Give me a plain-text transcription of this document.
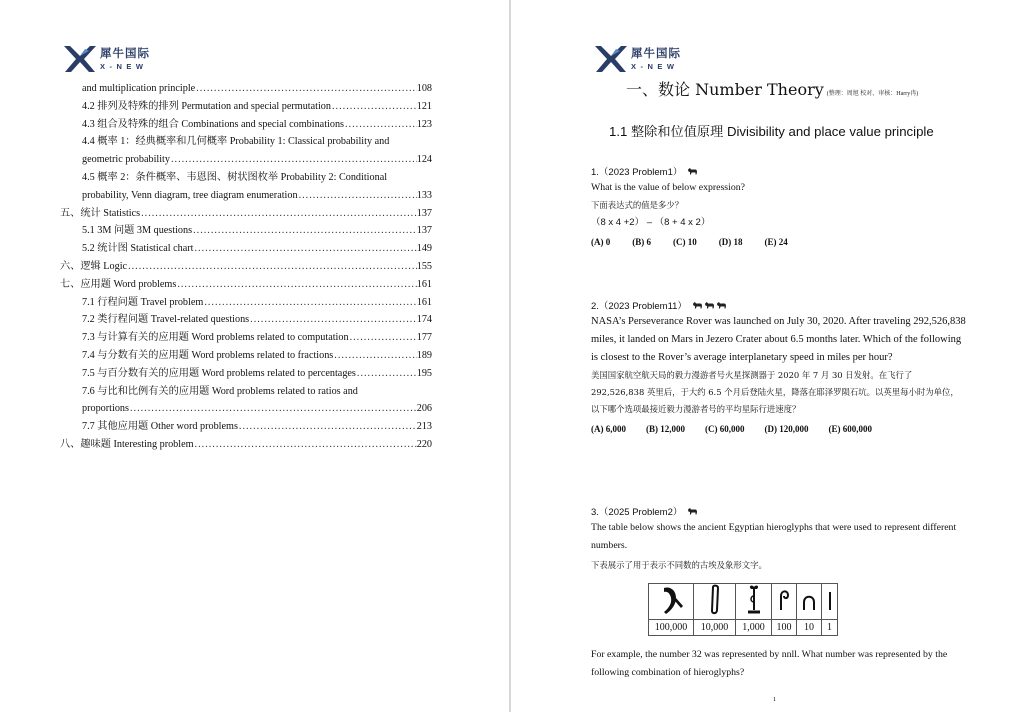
犀牛国际
X-NEW
and multiplication principle .....	108
4.2 排列及特殊的排列 Permutation and special permutation .....	121
4.3 组合及特殊的组合 Combinations and special combinations .....	123
4.4 概率 1：经典概率和几何概率 Probability 1: Classical probability and
geometric probability .....	124
4.5 概率 2：条件概率、韦恩图、树状图枚举 Probability 2: Conditional
probability, Venn diagram, tree diagram enumeration .....	133
五、 统计 Statistics .....	137
5.1 3M 问题 3M questions .....	137
5.2 统计图 Statistical chart .....	149
六、 逻辑 Logic .....	155
七、 应用题 Word problems .....	161
7.1 行程问题 Travel problem .....	161
7.2 类行程问题 Travel-related questions .....	174
7.3 与计算有关的应用题 Word problems related to computation .....	177
7.4 与分数有关的应用题 Word problems related to fractions .....	189
7.5 与百分数有关的应用题 Word problems related to percentages .....	195
7.6 与比和比例有关的应用题 Word problems related to ratios and
proportions .....	206
7.7 其他应用题 Other word problems .....	213
八、 趣味题 Interesting problem .....	220
犀牛国际
X-NEW
一、数论 Number Theory (整理：周旭 校对、审核：Harry冉)
1.1 整除和位值原理 Divisibility and place value principle
1.（2023 Problem1）
What is the value of below expression?
下面表达式的值是多少？
（8 x 4 +2） – （8 + 4 x 2）
(A) 0 (B) 6 (C) 10 (D) 18 (E) 24
2.（2023 Problem11）
NASA’s Perseverance Rover was launched on July 30, 2020. After traveling 292,526,838 miles, it landed on Mars in Jezero Crater about 6.5 months later. Which of the following is closest to the Rover’s average interplanetary speed in miles per hour?
美国国家航空航天局的毅力漫游者号火星探测器于 2020 年 7 月 30 日发射。在飞行了 292,526,838 英里后，于大约 6.5 个月后登陆火星，降落在耶泽罗陨石坑。以英里每小时为单位，以下哪个选项最接近毅力漫游者号的平均星际行进速度？
(A) 6,000 (B) 12,000 (C) 60,000 (D) 120,000 (E) 600,000
3.（2025 Problem2）
The table below shows the ancient Egyptian hieroglyphs that were used to represent different numbers.
下表展示了用于表示不同数的古埃及象形文字。

100,000	10,000	1,000	100	10	1
For example, the number 32 was represented by nnll. What number was represented by the following combination of hieroglyphs?
1
